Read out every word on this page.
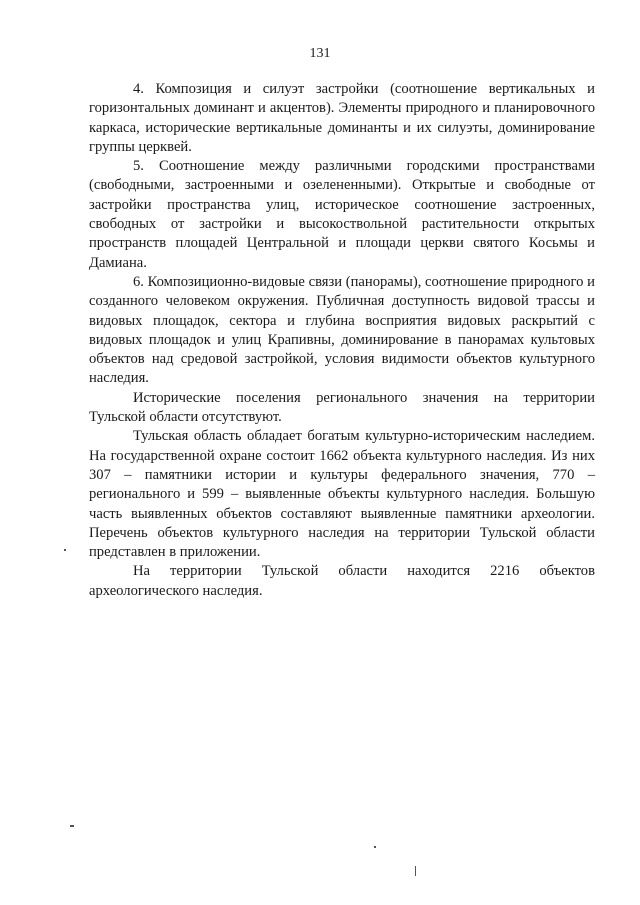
131

4. Композиция и силуэт застройки (соотношение вертикальных и горизонтальных доминант и акцентов). Элементы природного и планировочного каркаса, исторические вертикальные доминанты и их силуэты, доминирование группы церквей.

5. Соотношение между различными городскими пространствами (свободными, застроенными и озелененными). Открытые и свободные от застройки пространства улиц, историческое соотношение застроенных, свободных от застройки и высокоствольной растительности открытых пространств площадей Центральной и площади церкви святого Косьмы и Дамиана.

6. Композиционно-видовые связи (панорамы), соотношение природного и созданного человеком окружения. Публичная доступность видовой трассы и видовых площадок, сектора и глубина восприятия видовых раскрытий с видовых площадок и улиц Крапивны, доминирование в панорамах культовых объектов над средовой застройкой, условия видимости объектов культурного наследия.

Исторические поселения регионального значения на территории Тульской области отсутствуют.

Тульская область обладает богатым культурно-историческим наследием. На государственной охране состоит 1662 объекта культурного наследия. Из них 307 – памятники истории и культуры федерального значения, 770 – регионального и 599 – выявленные объекты культурного наследия. Большую часть выявленных объектов составляют выявленные памятники археологии. Перечень объектов культурного наследия на территории Тульской области представлен в приложении.

На территории Тульской области находится 2216 объектов археологического наследия.
